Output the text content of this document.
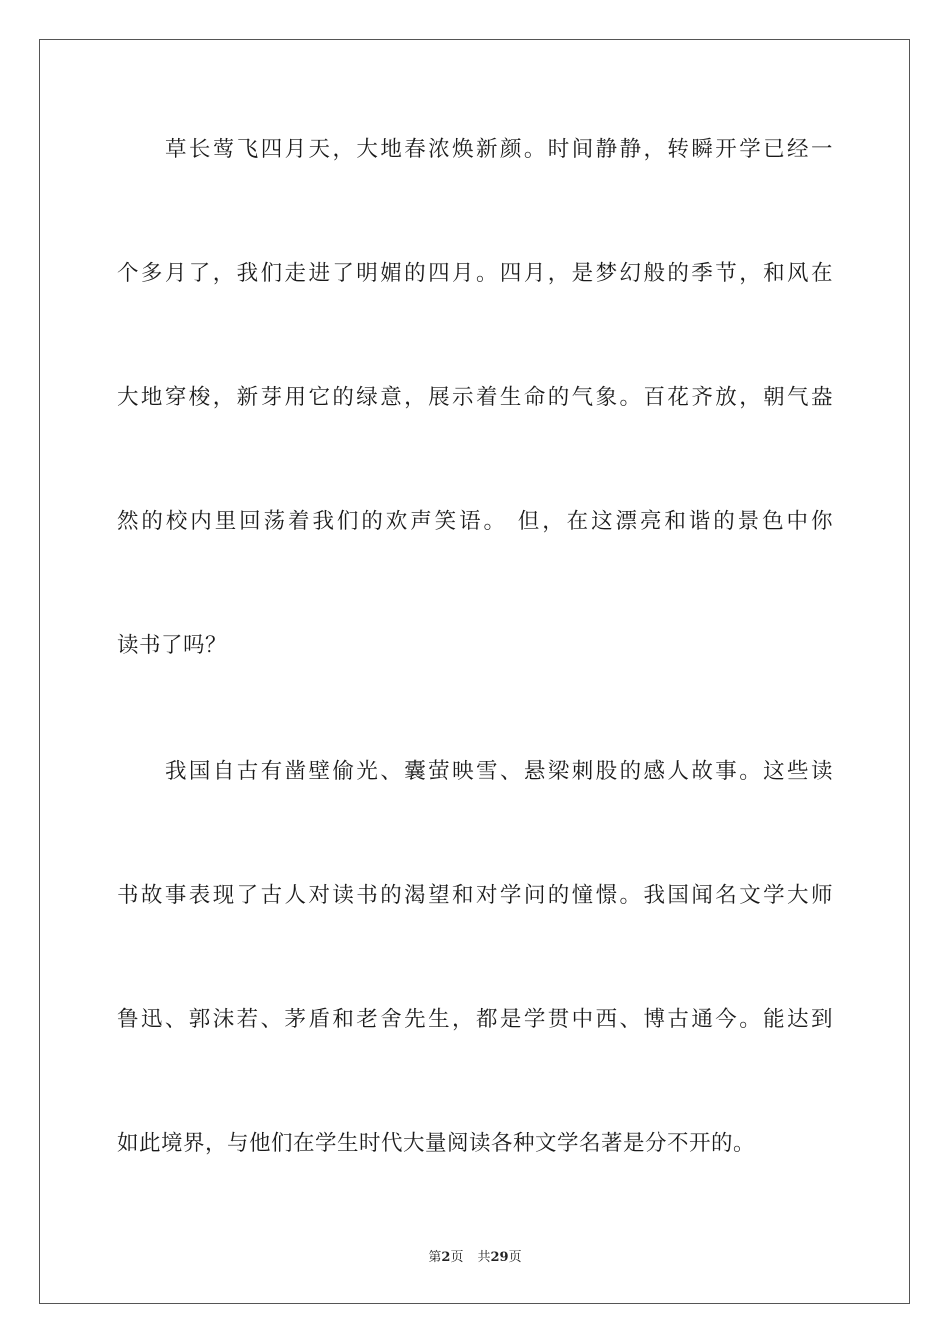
草长莺飞四月天，大地春浓焕新颜。时间静静，转瞬开学已经一

个多月了，我们走进了明媚的四月。四月，是梦幻般的季节，和风在

大地穿梭，新芽用它的绿意，展示着生命的气象。百花齐放，朝气盎

然的校内里回荡着我们的欢声笑语。 但，在这漂亮和谐的景色中你

读书了吗？

我国自古有凿壁偷光、囊萤映雪、悬梁刺股的感人故事。这些读

书故事表现了古人对读书的渴望和对学问的憧憬。我国闻名文学大师

鲁迅、郭沫若、茅盾和老舍先生，都是学贯中西、博古通今。能达到

如此境界，与他们在学生时代大量阅读各种文学名著是分不开的。

第2页 共29页
